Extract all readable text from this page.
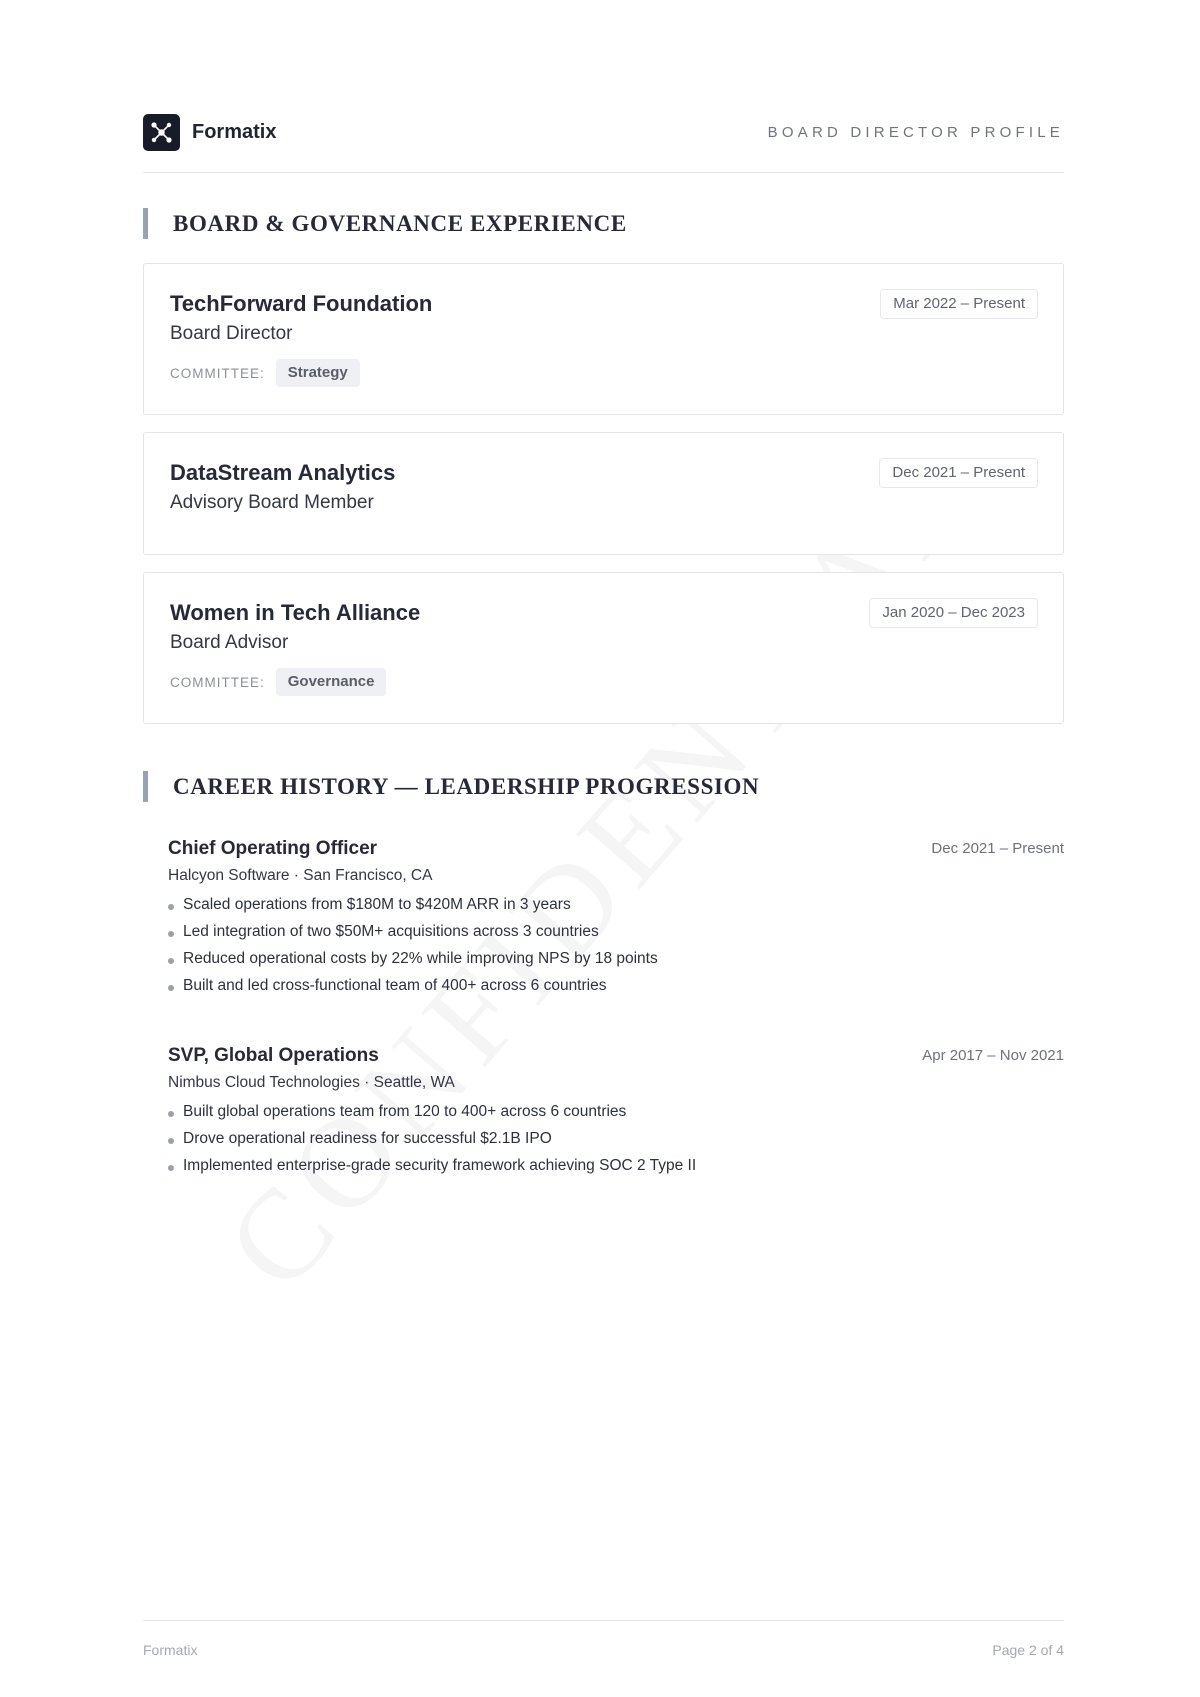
Formatix	BOARD DIRECTOR PROFILE
BOARD & GOVERNANCE EXPERIENCE
TechForward Foundation
Board Director
Mar 2022 – Present
COMMITTEE: Strategy
DataStream Analytics
Advisory Board Member
Dec 2021 – Present
Women in Tech Alliance
Board Advisor
Jan 2020 – Dec 2023
COMMITTEE: Governance
CAREER HISTORY — LEADERSHIP PROGRESSION
Chief Operating Officer	Dec 2021 – Present
Halcyon Software · San Francisco, CA
Scaled operations from $180M to $420M ARR in 3 years
Led integration of two $50M+ acquisitions across 3 countries
Reduced operational costs by 22% while improving NPS by 18 points
Built and led cross-functional team of 400+ across 6 countries
SVP, Global Operations	Apr 2017 – Nov 2021
Nimbus Cloud Technologies · Seattle, WA
Built global operations team from 120 to 400+ across 6 countries
Drove operational readiness for successful $2.1B IPO
Implemented enterprise-grade security framework achieving SOC 2 Type II
Formatix	Page 2 of 4
